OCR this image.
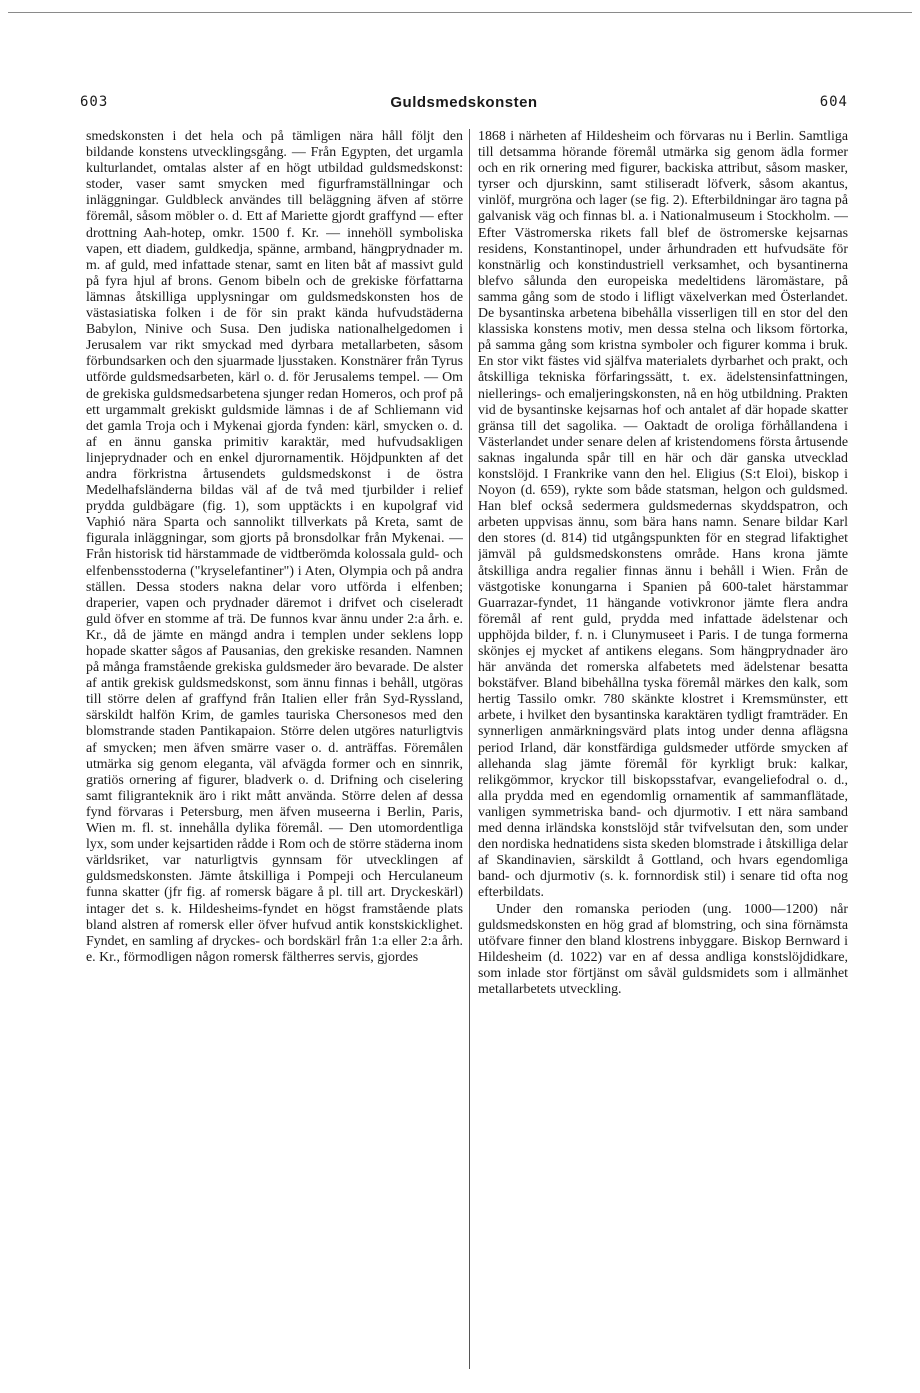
603	Guldsmedskonsten	604

smedskonsten i det hela och på tämligen nära håll följt den bildande konstens utvecklingsgång. — Från Egypten, det urgamla kulturlandet, omtalas alster af en högt utbildad guldsmedskonst: stoder, vaser samt smycken med figurframställningar och inläggningar. Guldbleck användes till beläggning äfven af större föremål, såsom möbler o. d. Ett af Mariette gjordt graffynd — efter drottning Aah-hotep, omkr. 1500 f. Kr. — innehöll symboliska vapen, ett diadem, guldkedja, spänne, armband, hängprydnader m. m. af guld, med infattade stenar, samt en liten båt af massivt guld på fyra hjul af brons. Genom bibeln och de grekiske författarna lämnas åtskilliga upplysningar om guldsmedskonsten hos de västasiatiska folken i de för sin prakt kända hufvudstäderna Babylon, Ninive och Susa. Den judiska nationalhelgedomen i Jerusalem var rikt smyckad med dyrbara metallarbeten, såsom förbundsarken och den sjuarmade ljusstaken. Konstnärer från Tyrus utförde guldsmedsarbeten, kärl o. d. för Jerusalems tempel. — Om de grekiska guldsmedsarbetena sjunger redan Homeros, och prof på ett urgammalt grekiskt guldsmide lämnas i de af Schliemann vid det gamla Troja och i Mykenai gjorda fynden: kärl, smycken o. d. af en ännu ganska primitiv karaktär, med hufvudsakligen linjeprydnader och en enkel djurornamentik. Höjdpunkten af det andra förkristna årtusendets guldsmedskonst i de östra Medelhafsländerna bildas väl af de två med tjurbilder i relief prydda guldbägare (fig. 1), som upptäckts i en kupolgraf vid Vaphió nära Sparta och sannolikt tillverkats på Kreta, samt de figurala inläggningar, som gjorts på bronsdolkar från Mykenai. — Från historisk tid härstammade de vidtberömda kolossala guld- och elfenbensstoderna ("kryselefantiner") i Aten, Olympia och på andra ställen. Dessa stoders nakna delar voro utförda i elfenben; draperier, vapen och prydnader däremot i drifvet och ciseleradt guld öfver en stomme af trä. De funnos kvar ännu under 2:a årh. e. Kr., då de jämte en mängd andra i templen under seklens lopp hopade skatter sågos af Pausanias, den grekiske resanden. Namnen på många framstående grekiska guldsmeder äro bevarade. De alster af antik grekisk guldsmedskonst, som ännu finnas i behåll, utgöras till större delen af graffynd från Italien eller från Syd-Ryssland, särskildt halfön Krim, de gamles tauriska Chersonesos med den blomstrande staden Pantikapaion. Större delen utgöres naturligtvis af smycken; men äfven smärre vaser o. d. anträffas. Föremålen utmärka sig genom eleganta, väl afvägda former och en sinnrik, gratiös ornering af figurer, bladverk o. d. Drifning och ciselering samt filigranteknik äro i rikt mått använda. Större delen af dessa fynd förvaras i Petersburg, men äfven museerna i Berlin, Paris, Wien m. fl. st. innehålla dylika föremål. — Den utomordentliga lyx, som under kejsartiden rådde i Rom och de större städerna inom världsriket, var naturligtvis gynnsam för utvecklingen af guldsmedskonsten. Jämte åtskilliga i Pompeji och Herculaneum funna skatter (jfr fig. af romersk bägare å pl. till art. Dryckeskärl) intager det s. k. Hildesheims-fyndet en högst framstående plats bland alstren af romersk eller öfver hufvud antik konstskicklighet. Fyndet, en samling af dryckes- och bordskärl från 1:a eller 2:a årh. e. Kr., förmodligen någon romersk fältherres servis, gjordes

1868 i närheten af Hildesheim och förvaras nu i Berlin. Samtliga till detsamma hörande föremål utmärka sig genom ädla former och en rik ornering med figurer, backiska attribut, såsom masker, tyrser och djurskinn, samt stiliseradt löfverk, såsom akantus, vinlöf, murgröna och lager (se fig. 2). Efterbildningar äro tagna på galvanisk väg och finnas bl. a. i Nationalmuseum i Stockholm. — Efter Västromerska rikets fall blef de östromerske kejsarnas residens, Konstantinopel, under århundraden ett hufvudsäte för konstnärlig och konstindustriell verksamhet, och bysantinerna blefvo sålunda den europeiska medeltidens läromästare, på samma gång som de stodo i lifligt växelverkan med Österlandet. De bysantinska arbetena bibehålla visserligen till en stor del den klassiska konstens motiv, men dessa stelna och liksom förtorka, på samma gång som kristna symboler och figurer komma i bruk. En stor vikt fästes vid själfva materialets dyrbarhet och prakt, och åtskilliga tekniska förfaringssätt, t. ex. ädelstensinfattningen, niellerings- och emaljeringskonsten, nå en hög utbildning. Prakten vid de bysantinske kejsarnas hof och antalet af där hopade skatter gränsa till det sagolika. — Oaktadt de oroliga förhållandena i Västerlandet under senare delen af kristendomens första årtusende saknas ingalunda spår till en här och där ganska utvecklad konstslöjd. I Frankrike vann den hel. Eligius (S:t Eloi), biskop i Noyon (d. 659), rykte som både statsman, helgon och guldsmed. Han blef också sedermera guldsmedernas skyddspatron, och arbeten uppvisas ännu, som bära hans namn. Senare bildar Karl den stores (d. 814) tid utgångspunkten för en stegrad lifaktighet jämväl på guldsmedskonstens område. Hans krona jämte åtskilliga andra regalier finnas ännu i behåll i Wien. Från de västgotiske konungarna i Spanien på 600-talet härstammar Guarrazar-fyndet, 11 hängande votivkronor jämte flera andra föremål af rent guld, prydda med infattade ädelstenar och upphöjda bilder, f. n. i Clunymuseet i Paris. I de tunga formerna skönjes ej mycket af antikens elegans. Som hängprydnader äro här använda det romerska alfabetets med ädelstenar besatta bokstäfver. Bland bibehållna tyska föremål märkes den kalk, som hertig Tassilo omkr. 780 skänkte klostret i Kremsmünster, ett arbete, i hvilket den bysantinska karaktären tydligt framträder. En synnerligen anmärkningsvärd plats intog under denna aflägsna period Irland, där konstfärdiga guldsmeder utförde smycken af allehanda slag jämte föremål för kyrkligt bruk: kalkar, relikgömmor, kryckor till biskopsstafvar, evangeliefodral o. d., alla prydda med en egendomlig ornamentik af sammanflätade, vanligen symmetriska band- och djurmotiv. I ett nära samband med denna irländska konstslöjd står tvifvelsutan den, som under den nordiska hednatidens sista skeden blomstrade i åtskilliga delar af Skandinavien, särskildt å Gottland, och hvars egendomliga band- och djurmotiv (s. k. fornnordisk stil) i senare tid ofta nog efterbildats.

Under den romanska perioden (ung. 1000—1200) når guldsmedskonsten en hög grad af blomstring, och sina förnämsta utöfvare finner den bland klostrens inbyggare. Biskop Bernward i Hildesheim (d. 1022) var en af dessa andliga konstslöjdidkare, som inlade stor förtjänst om såväl guldsmidets som i allmänhet metallarbetets utveckling.
